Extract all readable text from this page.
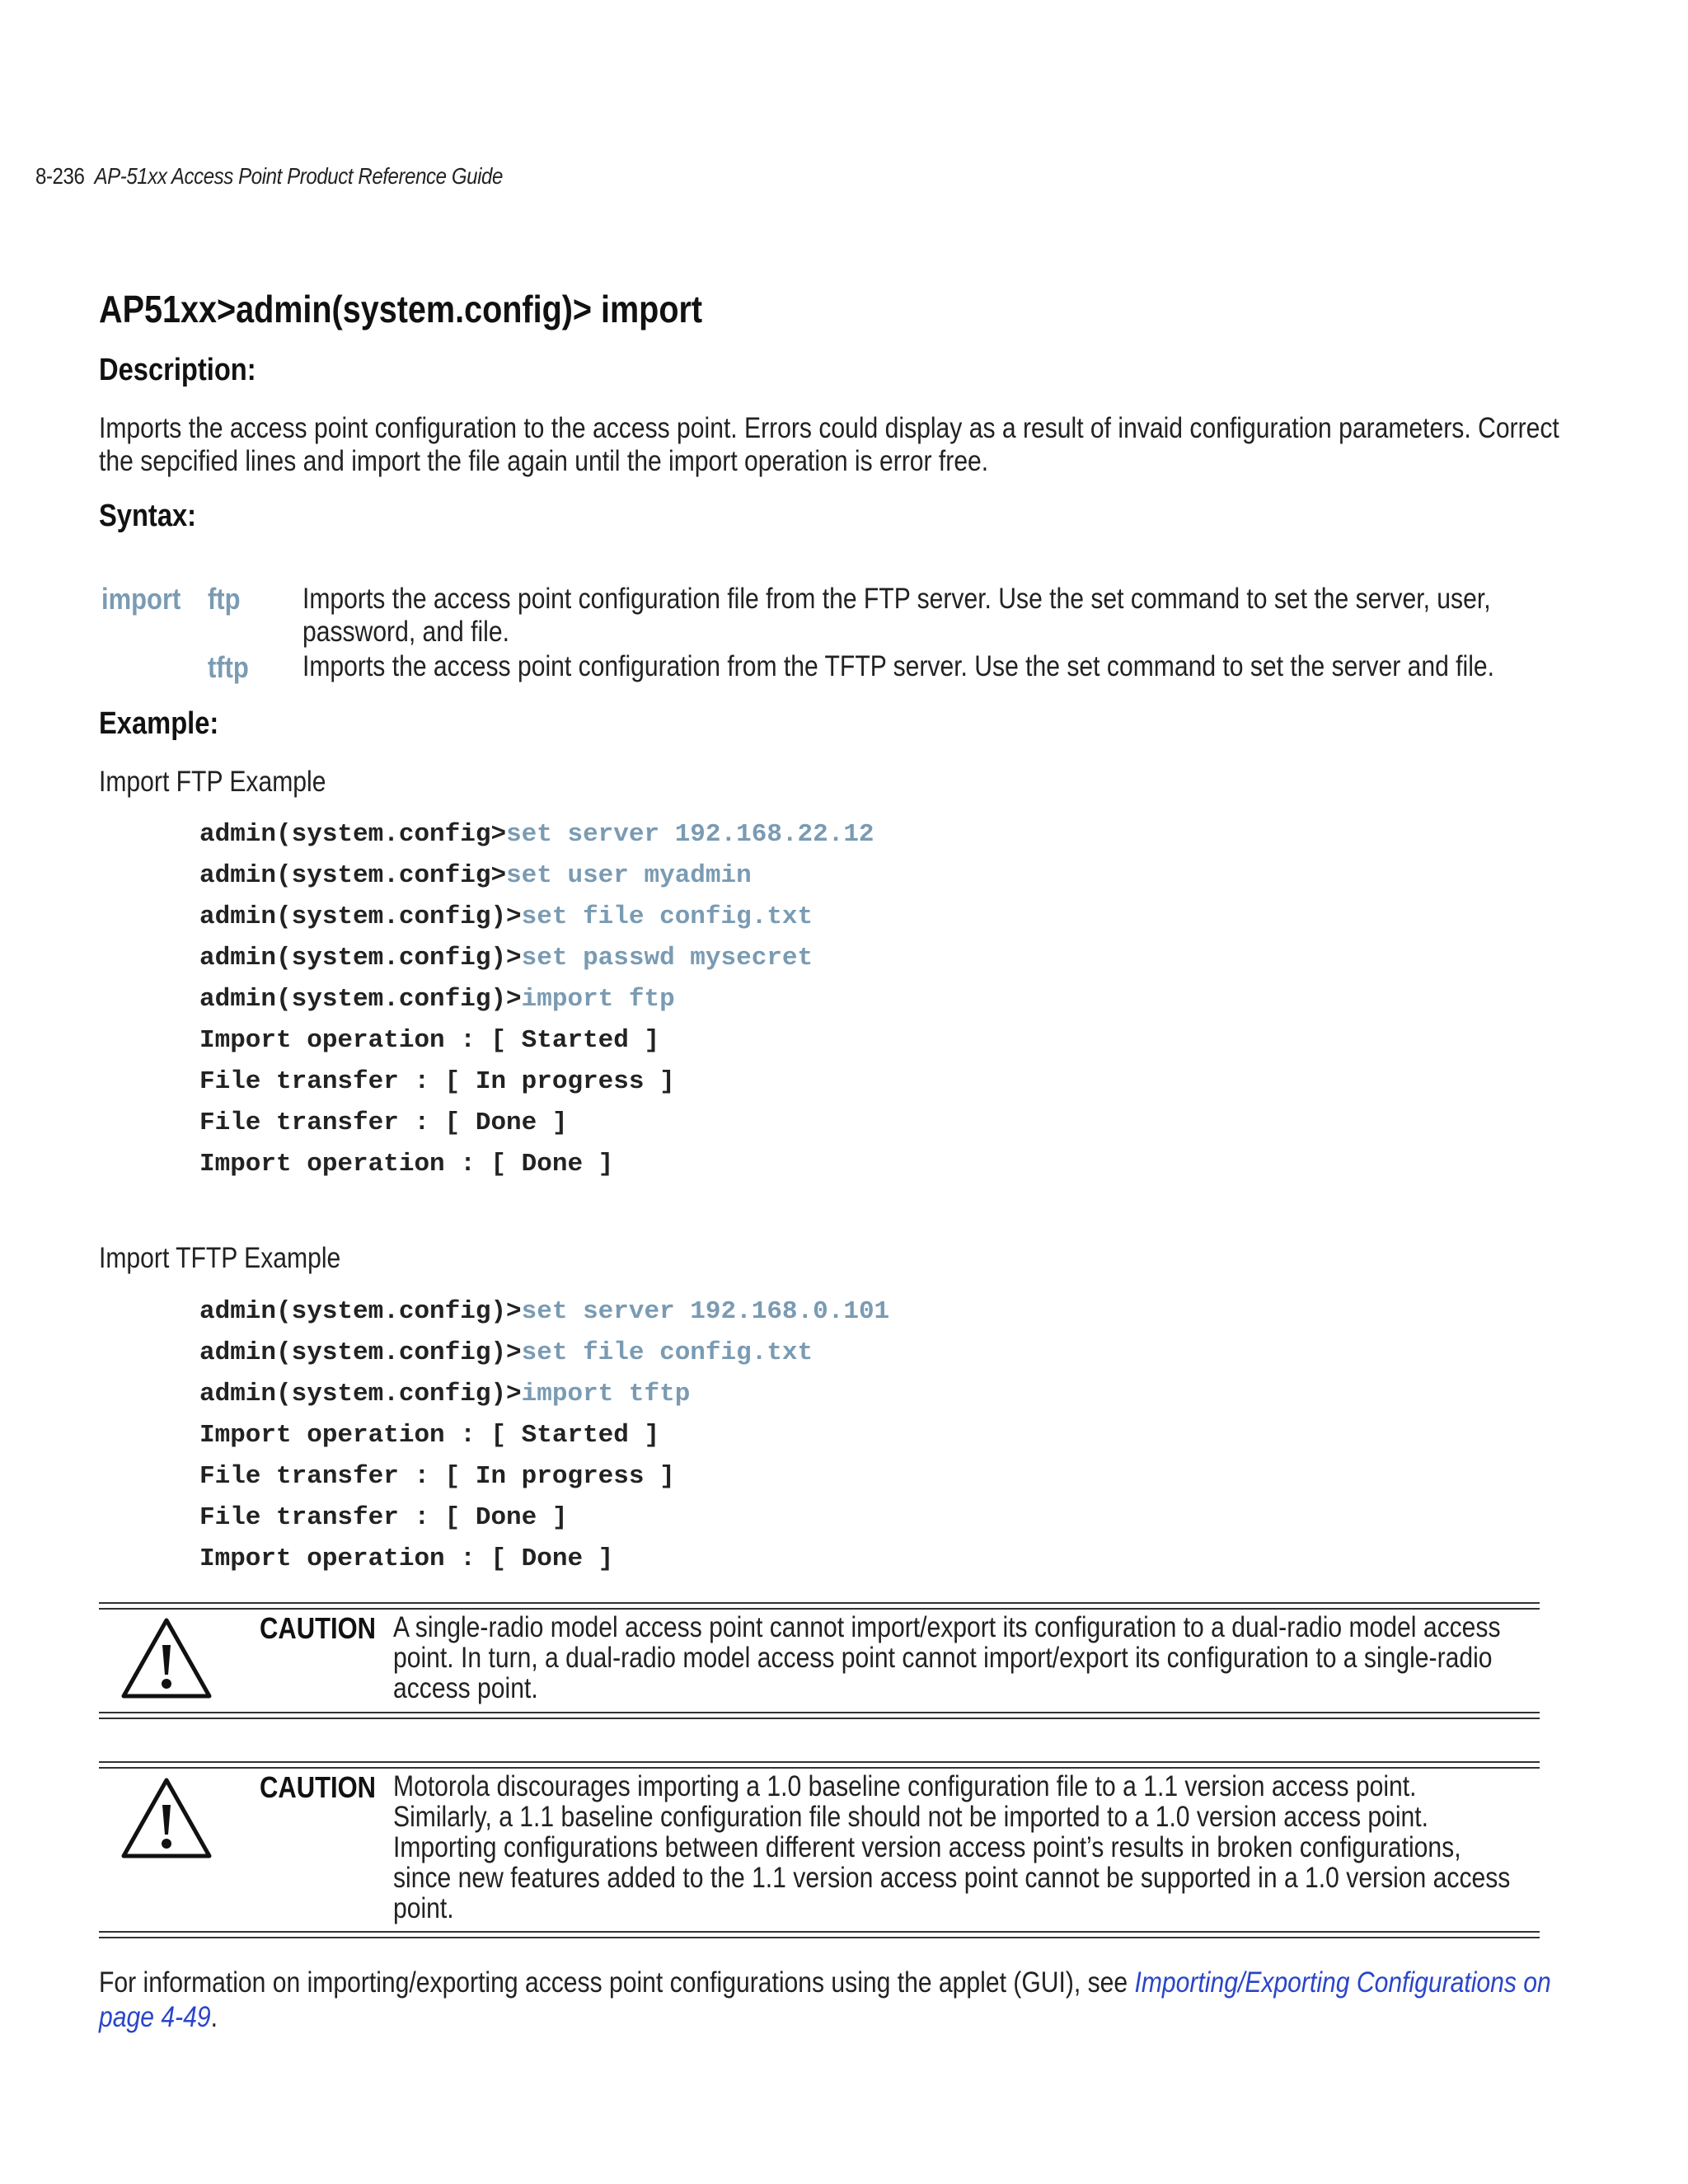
8-236 AP-51xx Access Point Product Reference Guide
AP51xx>admin(system.config)> import
Description:
Imports the access point configuration to the access point. Errors could display as a result of invaid configuration parameters. Correct
the sepcified lines and import the file again until the import operation is error free.
Syntax:
import ftp Imports the access point configuration file from the FTP server. Use the set command to set the server, user,
password, and file.
tftp Imports the access point configuration from the TFTP server. Use the set command to set the server and file.
Example:
Import FTP Example
admin(system.config>set server 192.168.22.12
admin(system.config>set user myadmin
admin(system.config)>set file config.txt
admin(system.config)>set passwd mysecret
admin(system.config)>import ftp
Import operation : [ Started ]
File transfer : [ In progress ]
File transfer : [ Done ]
Import operation : [ Done ]
Import TFTP Example
admin(system.config)>set server 192.168.0.101
admin(system.config)>set file config.txt
admin(system.config)>import tftp
Import operation : [ Started ]
File transfer : [ In progress ]
File transfer : [ Done ]
Import operation : [ Done ]
CAUTION A single-radio model access point cannot import/export its configuration to a dual-radio model access
point. In turn, a dual-radio model access point cannot import/export its configuration to a single-radio
access point.
CAUTION Motorola discourages importing a 1.0 baseline configuration file to a 1.1 version access point.
Similarly, a 1.1 baseline configuration file should not be imported to a 1.0 version access point.
Importing configurations between different version access point’s results in broken configurations,
since new features added to the 1.1 version access point cannot be supported in a 1.0 version access
point.
For information on importing/exporting access point configurations using the applet (GUI), see Importing/Exporting Configurations on
page 4-49.
